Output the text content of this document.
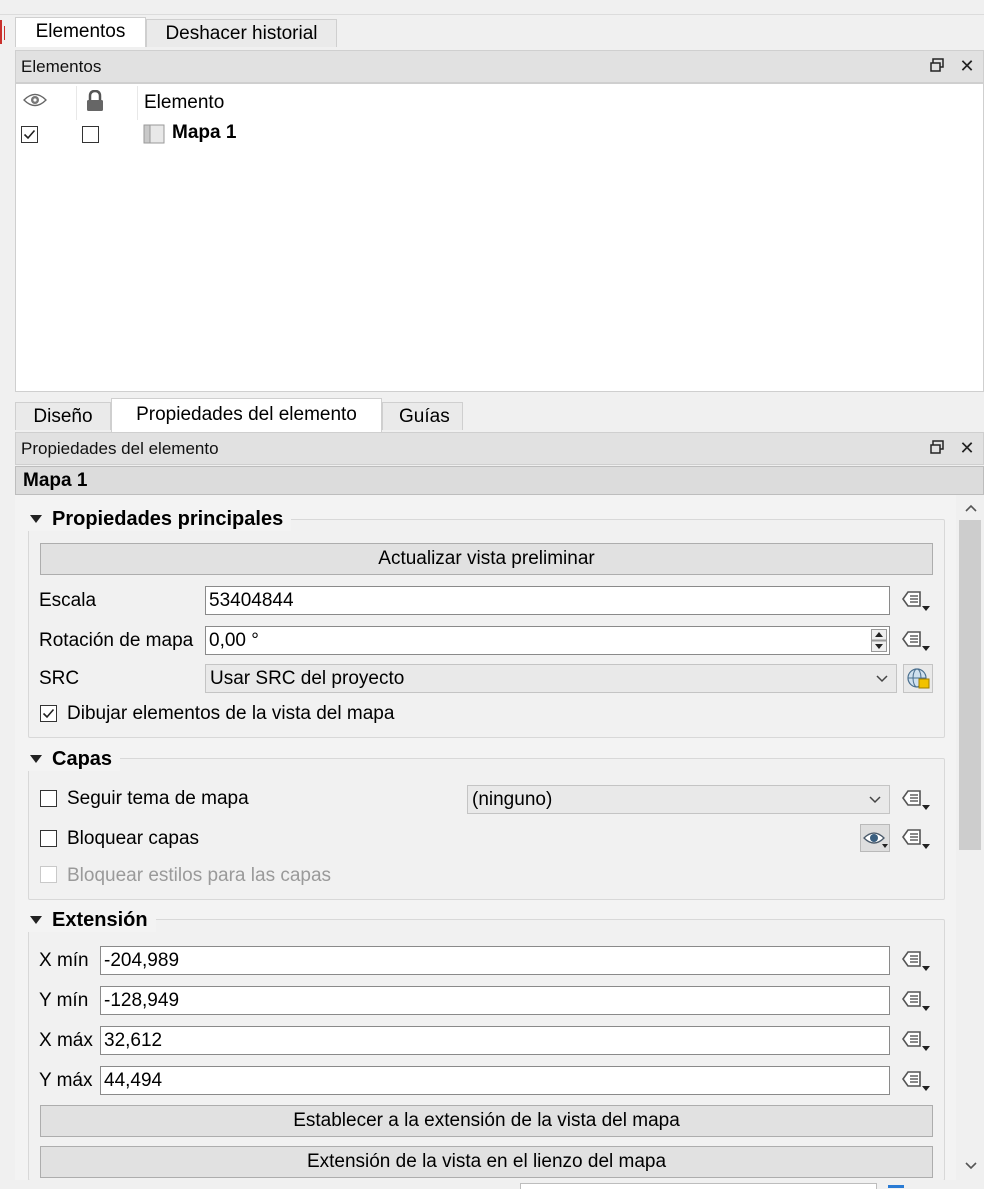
Elementos	Deshacer historial
Elementos	✕
Elemento
Mapa 1
Diseño	Propiedades del elemento	Guías
Propiedades del elemento	✕
Mapa 1
Propiedades principales
Actualizar vista preliminar
Escala	53404844
Rotación de mapa 0,00 °
SRC	Usar SRC del proyecto
Dibujar elementos de la vista del mapa
Capas
Seguir tema de mapa	(ninguno)
Bloquear capas
Bloquear estilos para las capas
Extensión
X mín -204,989
Y mín -128,949
X máx 32,612
Y máx 44,494
Establecer a la extensión de la vista del mapa
Extensión de la vista en el lienzo del mapa
